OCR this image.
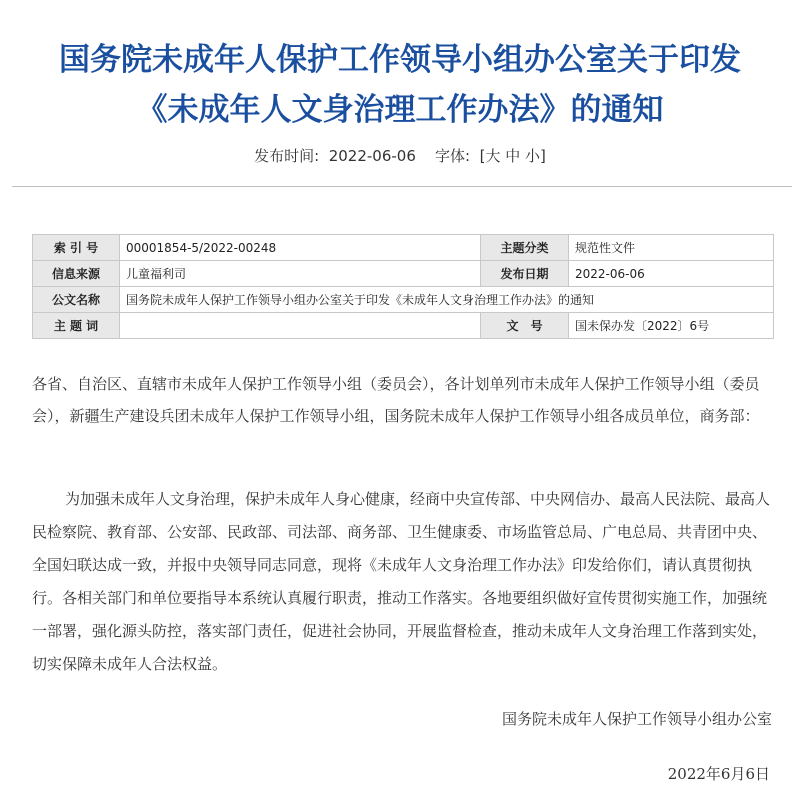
国务院未成年人保护工作领导小组办公室关于印发
《未成年人文身治理工作办法》的通知
发布时间: 2022-06-06 字体: [大 中 小]
索 引 号	00001854-5/2022-00248	主题分类	规范性文件
信息来源	儿童福利司	发布日期	2022-06-06
公文名称	国务院未成年人保护工作领导小组办公室关于印发《未成年人文身治理工作办法》的通知		
主 题 词		文　号	国未保办发〔2022〕6号

各省、自治区、直辖市未成年人保护工作领导小组（委员会），各计划单列市未成年人保护工作领导小组（委员会），新疆生产建设兵团未成年人保护工作领导小组，国务院未成年人保护工作领导小组各成员单位，商务部：

为加强未成年人文身治理，保护未成年人身心健康，经商中央宣传部、中央网信办、最高人民法院、最高人民检察院、教育部、公安部、民政部、司法部、商务部、卫生健康委、市场监管总局、广电总局、共青团中央、全国妇联达成一致，并报中央领导同志同意，现将《未成年人文身治理工作办法》印发给你们，请认真贯彻执行。各相关部门和单位要指导本系统认真履行职责，推动工作落实。各地要组织做好宣传贯彻实施工作，加强统一部署，强化源头防控，落实部门责任，促进社会协同，开展监督检查，推动未成年人文身治理工作落到实处，切实保障未成年人合法权益。

国务院未成年人保护工作领导小组办公室
2022年6月6日
